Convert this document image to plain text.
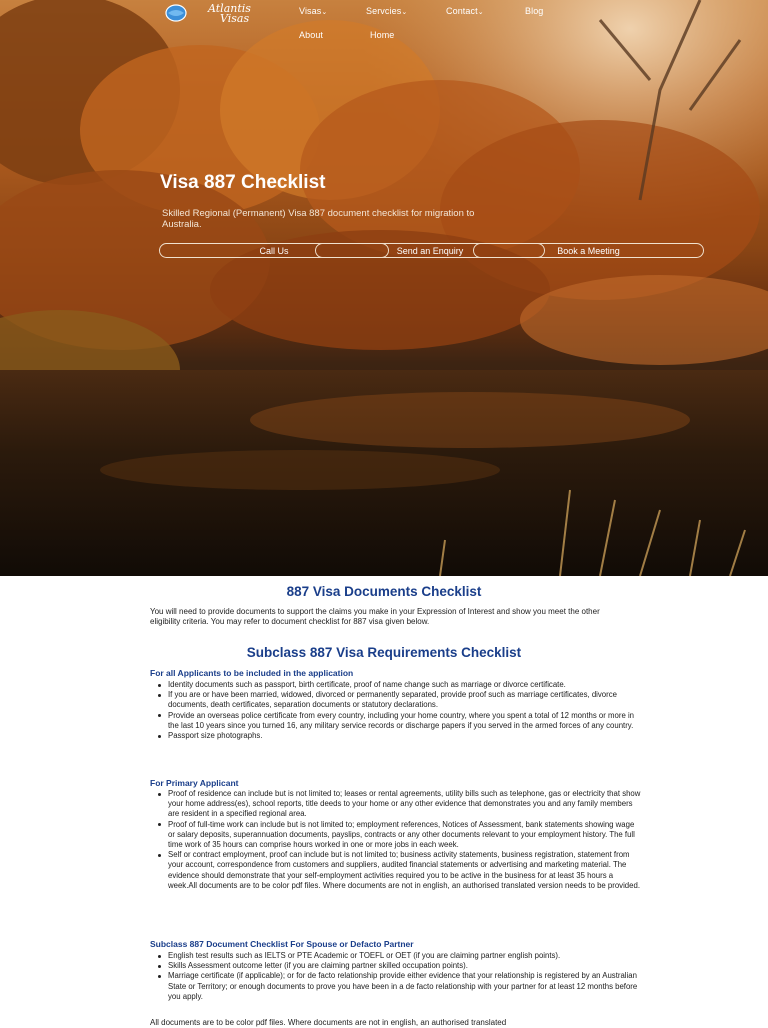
Atlantis
Visas
Visas⌄	Servcies⌄	Contact⌄	Blog
About	Home
Visa 887 Checklist

Skilled Regional (Permanent) Visa 887 document checklist for migration to Australia.

Call Us	Send an Enquiry	Book a Meeting
887 Visa Documents Checklist

You will need to provide documents to support the claims you make in your Expression of Interest and show you meet the other eligibility criteria. You may refer to document checklist for 887 visa given below.

Subclass 887 Visa Requirements Checklist
For all Applicants to be included in the application
Identity documents such as passport, birth certificate, proof of name change such as marriage or divorce certificate.
If you are or have been married, widowed, divorced or permanently separated, provide proof such as marriage certificates, divorce documents, death certificates, separation documents or statutory declarations.
Provide an overseas police certificate from every country, including your home country, where you spent a total of 12 months or more in the last 10 years since you turned 16, any military service records or discharge papers if you served in the armed forces of any country.
Passport size photographs.
For Primary Applicant
Proof of residence can include but is not limited to; leases or rental agreements, utility bills such as telephone, gas or electricity that show your home address(es), school reports, title deeds to your home or any other evidence that demonstrates you and any family members are resident in a specified regional area.
Proof of full-time work can include but is not limited to; employment references, Notices of Assessment, bank statements showing wage or salary deposits, superannuation documents, payslips, contracts or any other documents relevant to your employment history. The full time work of 35 hours can comprise hours worked in one or more jobs in each week.
Self or contract employment, proof can include but is not limited to; business activity statements, business registration, statement from your account, correspondence from customers and suppliers, audited financial statements or advertising and marketing material. The evidence should demonstrate that your self-employment activities required you to be active in the business for at least 35 hours a week.All documents are to be color pdf files. Where documents are not in english, an authorised translated version needs to be provided.
Subclass 887 Document Checklist For Spouse or Defacto Partner
English test results such as IELTS or PTE Academic or TOEFL or OET (if you are claiming partner english points).
Skills Assessment outcome letter (if you are claiming partner skilled occupation points).
Marriage certificate (if applicable); or for de facto relationship provide either evidence that your relationship is registered by an Australian State or Territory; or enough documents to prove you have been in a de facto relationship with your partner for at least 12 months before you apply.

All documents are to be color pdf files. Where documents are not in english, an authorised translated
